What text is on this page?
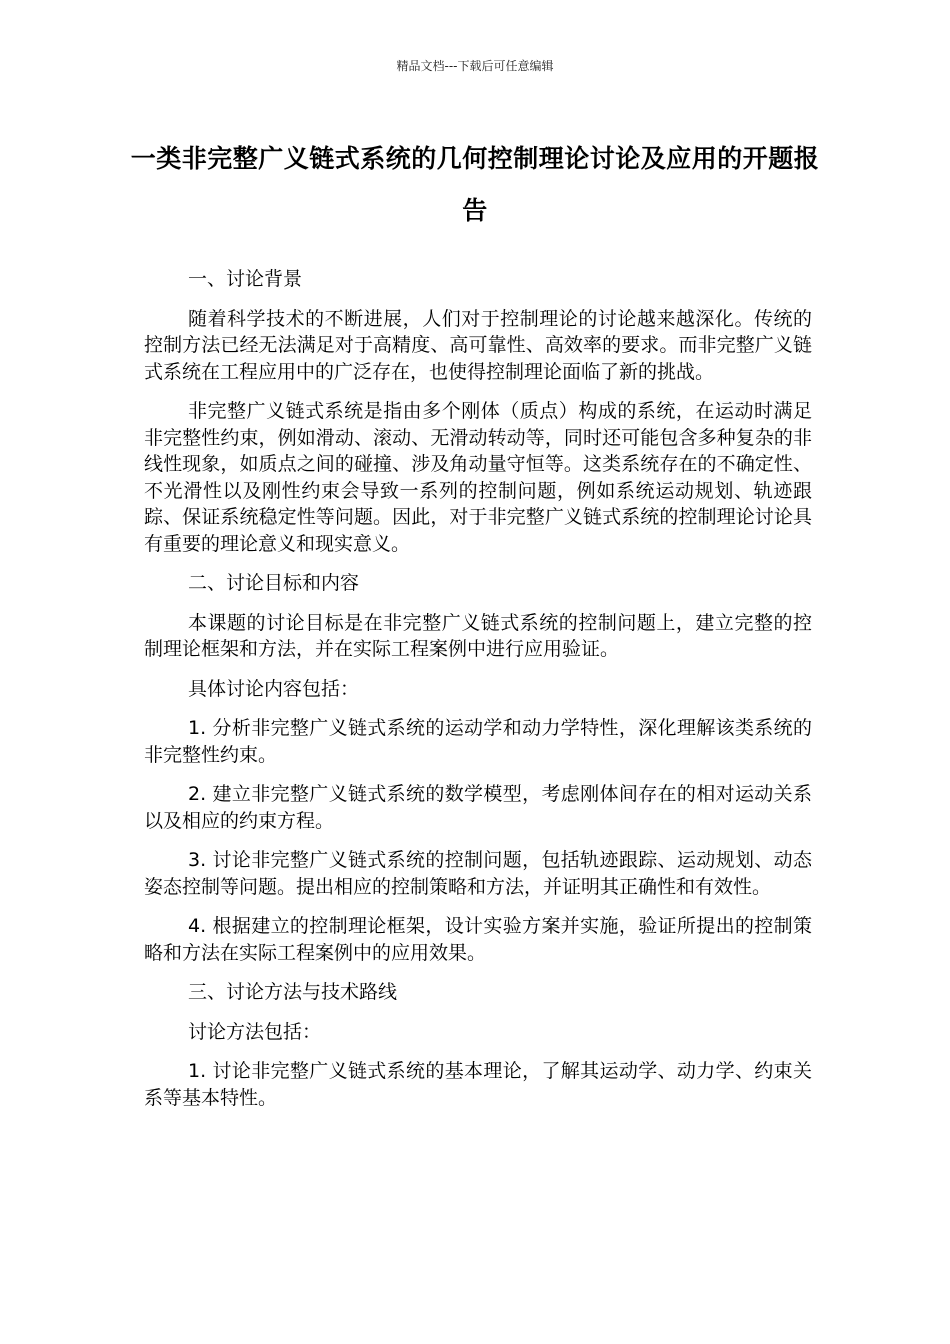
精品文档---下载后可任意编辑
一类非完整广义链式系统的几何控制理论讨论及应用的开题报告

一、讨论背景

随着科学技术的不断进展，人们对于控制理论的讨论越来越深化。传统的控制方法已经无法满足对于高精度、高可靠性、高效率的要求。而非完整广义链式系统在工程应用中的广泛存在，也使得控制理论面临了新的挑战。

非完整广义链式系统是指由多个刚体（质点）构成的系统，在运动时满足非完整性约束，例如滑动、滚动、无滑动转动等，同时还可能包含多种复杂的非线性现象，如质点之间的碰撞、涉及角动量守恒等。这类系统存在的不确定性、不光滑性以及刚性约束会导致一系列的控制问题，例如系统运动规划、轨迹跟踪、保证系统稳定性等问题。因此，对于非完整广义链式系统的控制理论讨论具有重要的理论意义和现实意义。

二、讨论目标和内容

本课题的讨论目标是在非完整广义链式系统的控制问题上，建立完整的控制理论框架和方法，并在实际工程案例中进行应用验证。

具体讨论内容包括：

1. 分析非完整广义链式系统的运动学和动力学特性，深化理解该类系统的非完整性约束。

2. 建立非完整广义链式系统的数学模型，考虑刚体间存在的相对运动关系以及相应的约束方程。

3. 讨论非完整广义链式系统的控制问题，包括轨迹跟踪、运动规划、动态姿态控制等问题。提出相应的控制策略和方法，并证明其正确性和有效性。

4. 根据建立的控制理论框架，设计实验方案并实施，验证所提出的控制策略和方法在实际工程案例中的应用效果。

三、讨论方法与技术路线

讨论方法包括：

1. 讨论非完整广义链式系统的基本理论，了解其运动学、动力学、约束关系等基本特性。
